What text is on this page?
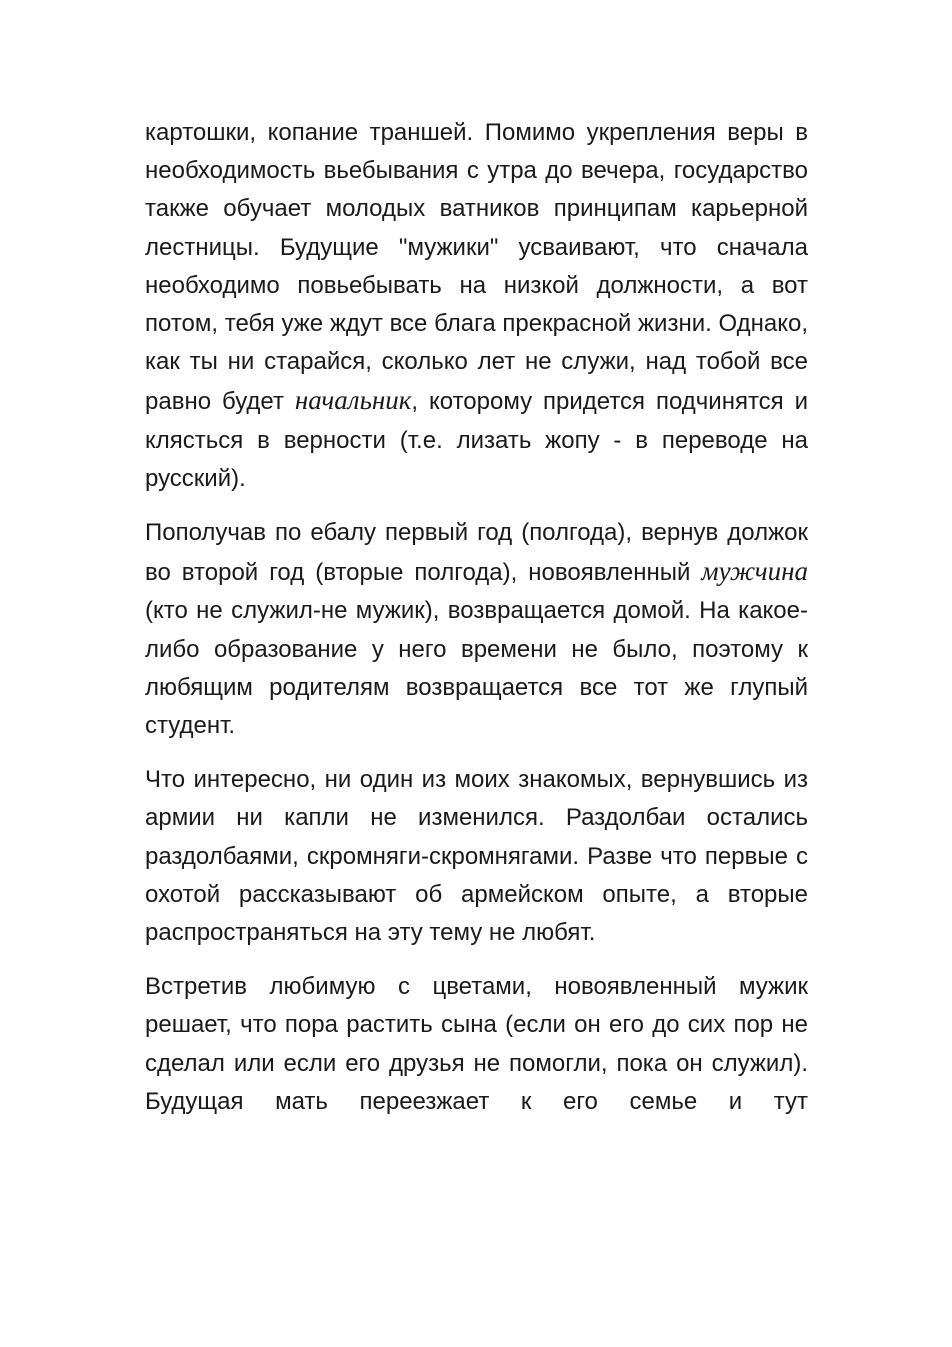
картошки, копание траншей. Помимо укрепления веры в необходимость вьебывания с утра до вечера, государство также обучает молодых ватников принципам карьерной лестницы. Будущие "мужики" усваивают, что сначала необходимо повьебывать на низкой должности, а вот потом, тебя уже ждут все блага прекрасной жизни. Однако, как ты ни старайся, сколько лет не служи, над тобой все равно будет начальник, которому придется подчинятся и клясться в верности (т.е. лизать жопу - в переводе на русский).

Пополучав по ебалу первый год (полгода), вернув должок во второй год (вторые полгода), новоявленный мужчина (кто не служил-не мужик), возвращается домой. На какое-либо образование у него времени не было, поэтому к любящим родителям возвращается все тот же глупый студент.

Что интересно, ни один из моих знакомых, вернувшись из армии ни капли не изменился. Раздолбаи остались раздолбаями, скромняги-скромнягами. Разве что первые с охотой рассказывают об армейском опыте, а вторые распространяться на эту тему не любят.

Встретив любимую с цветами, новоявленный мужик решает, что пора растить сына (если он его до сих пор не сделал или если его друзья не помогли, пока он служил). Будущая мать переезжает к его семье и тут
